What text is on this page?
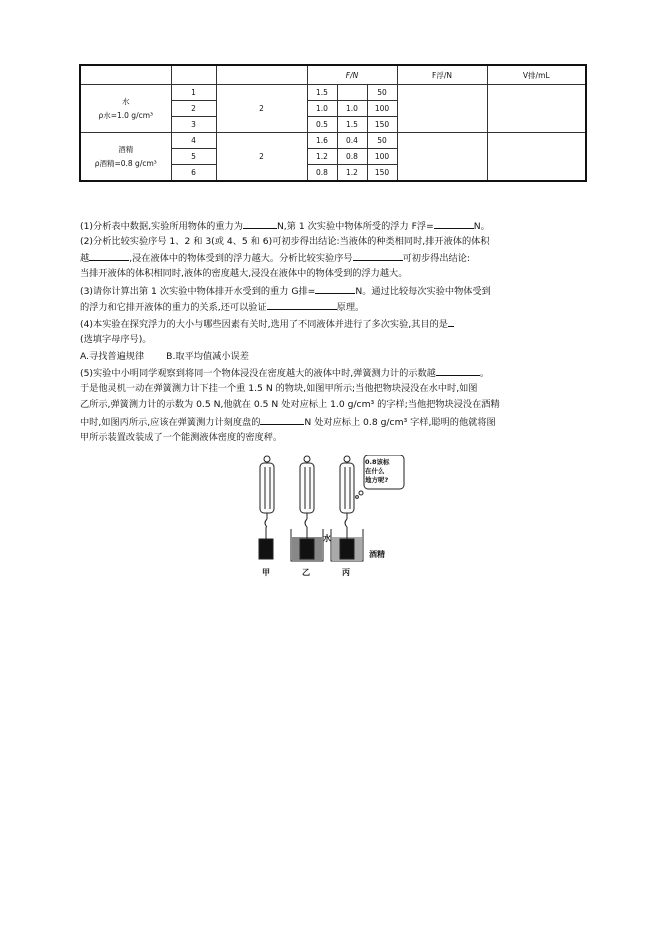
			F/N			F浮/N	V排/mL

水
ρ水=1.0 g/cm³	1	2	1.5		50		
	2		1.0	1.0	100		
	3		0.5	1.5	150		

酒精
ρ酒精=0.8 g/cm³	4	2	1.6	0.4	50		
	5		1.2	0.8	100		
	6		0.8	1.2	150		
(1)分析表中数据,实验所用物体的重力为	N,第 1 次实验中物体所受的浮力 F浮=	N。
(2)分析比较实验序号 1、2 和 3(或 4、5 和 6)可初步得出结论:当液体的种类相同时,排开液体的体积
越	,浸在液体中的物体受到的浮力越大。分析比较实验序号	可初步得出结论:
当排开液体的体积相同时,液体的密度越大,浸没在液体中的物体受到的浮力越大。
(3)请你计算出第 1 次实验中物体排开水受到的重力 G排=	N。通过比较每次实验中物体受到
的浮力和它排开液体的重力的关系,还可以验证	原理。
(4)本实验在探究浮力的大小与哪些因素有关时,选用了不同液体并进行了多次实验,其目的是
(选填字母序号)。
A.寻找普遍规律 B.取平均值减小误差
(5)实验中小明同学观察到将同一个物体浸没在密度越大的液体中时,弹簧测力计的示数越	。
于是他灵机一动在弹簧测力计下挂一个重 1.5 N 的物块,如图甲所示;当他把物块浸没在水中时,如图
乙所示,弹簧测力计的示数为 0.5 N,他就在 0.5 N 处对应标上 1.0 g/cm³ 的字样;当他把物块浸没在酒精
中时,如图丙所示,应该在弹簧测力计刻度盘的	N 处对应标上 0.8 g/cm³ 字样,聪明的他就将图
甲所示装置改装成了一个能测液体密度的密度秤。
0.8该标
在什么
地方呢?
水
酒精
甲	乙	丙
